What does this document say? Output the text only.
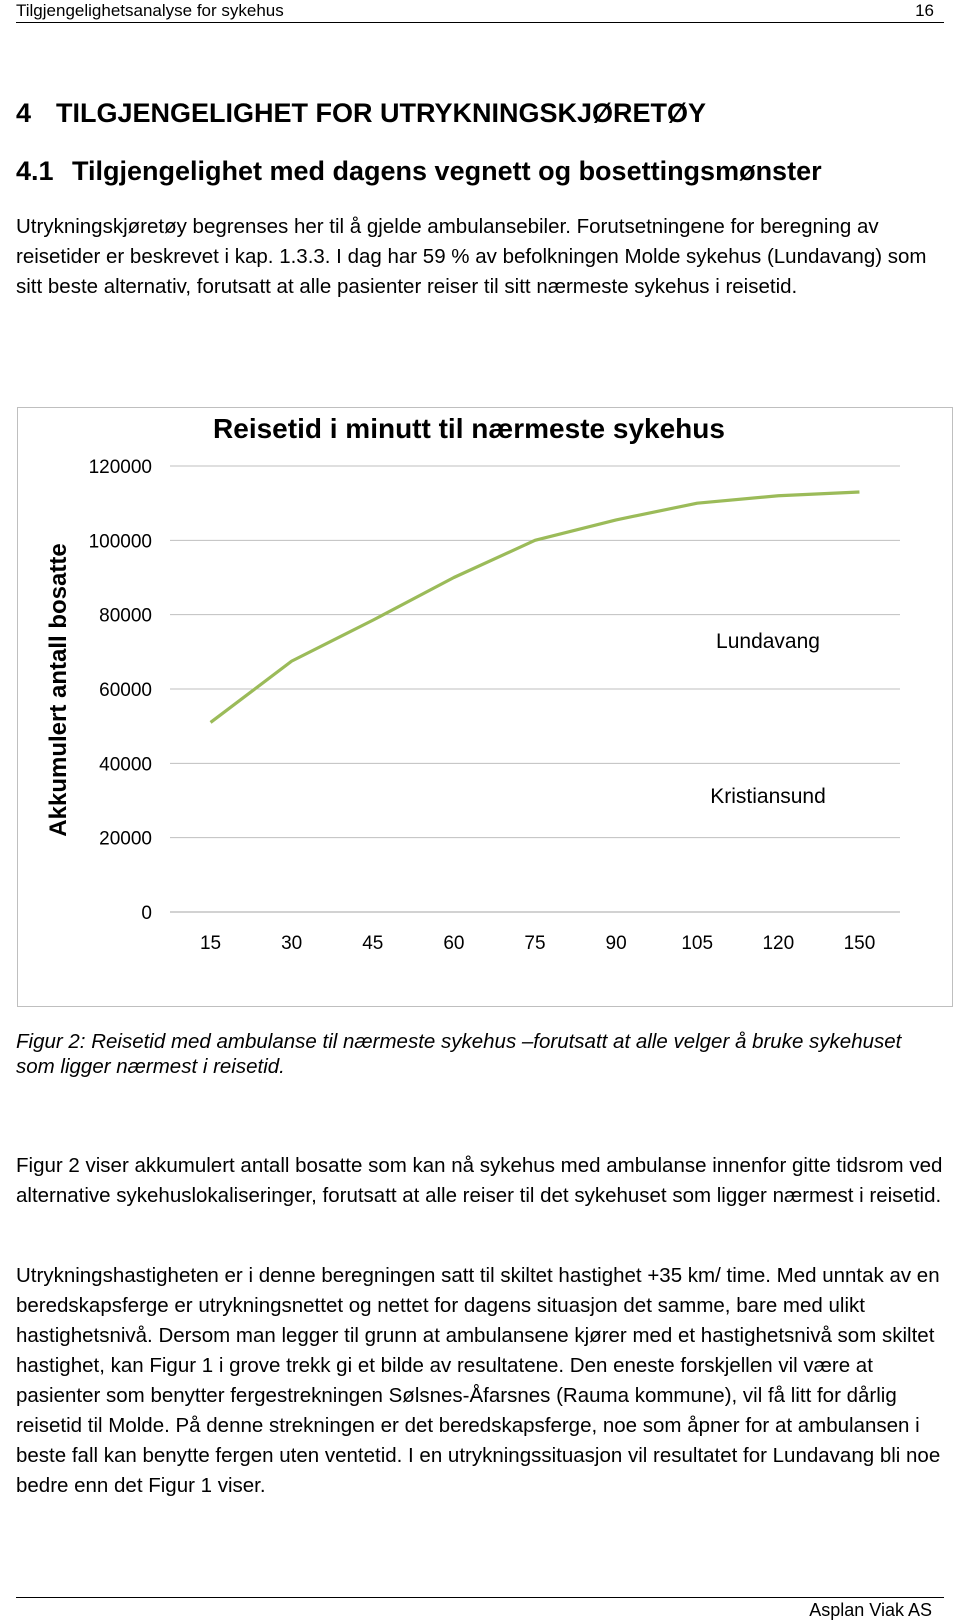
Tilgjengelighetsanalyse for sykehus	16
4 TILGJENGELIGHET FOR UTRYKNINGSKJØRETØY
4.1 Tilgjengelighet med dagens vegnett og bosettingsmønster

Utrykningskjøretøy begrenses her til å gjelde ambulansebiler. Forutsetningene for beregning av reisetider er beskrevet i kap. 1.3.3. I dag har 59 % av befolkningen Molde sykehus (Lundavang) som sitt beste alternativ, forutsatt at alle pasienter reiser til sitt nærmeste sykehus i reisetid.

Reisetid i minutt til nærmeste sykehus
Akkumulert antall bosatte
0
20000
40000
60000
80000
100000
120000
15	30	45	60	75	90	105	120	150
Lundavang
Kristiansund

Figur 2: Reisetid med ambulanse til nærmeste sykehus –forutsatt at alle velger å bruke sykehuset som ligger nærmest i reisetid.

Figur 2 viser akkumulert antall bosatte som kan nå sykehus med ambulanse innenfor gitte tidsrom ved alternative sykehuslokaliseringer, forutsatt at alle reiser til det sykehuset som ligger nærmest i reisetid.

Utrykningshastigheten er i denne beregningen satt til skiltet hastighet +35 km/ time. Med unntak av en beredskapsferge er utrykningsnettet og nettet for dagens situasjon det samme, bare med ulikt hastighetsnivå. Dersom man legger til grunn at ambulansene kjører med et hastighetsnivå som skiltet hastighet, kan Figur 1 i grove trekk gi et bilde av resultatene. Den eneste forskjellen vil være at pasienter som benytter fergestrekningen Sølsnes-Åfarsnes (Rauma kommune), vil få litt for dårlig reisetid til Molde. På denne strekningen er det beredskapsferge, noe som åpner for at ambulansen i beste fall kan benytte fergen uten ventetid. I en utrykningssituasjon vil resultatet for Lundavang bli noe bedre enn det Figur 1 viser.

Asplan Viak AS
